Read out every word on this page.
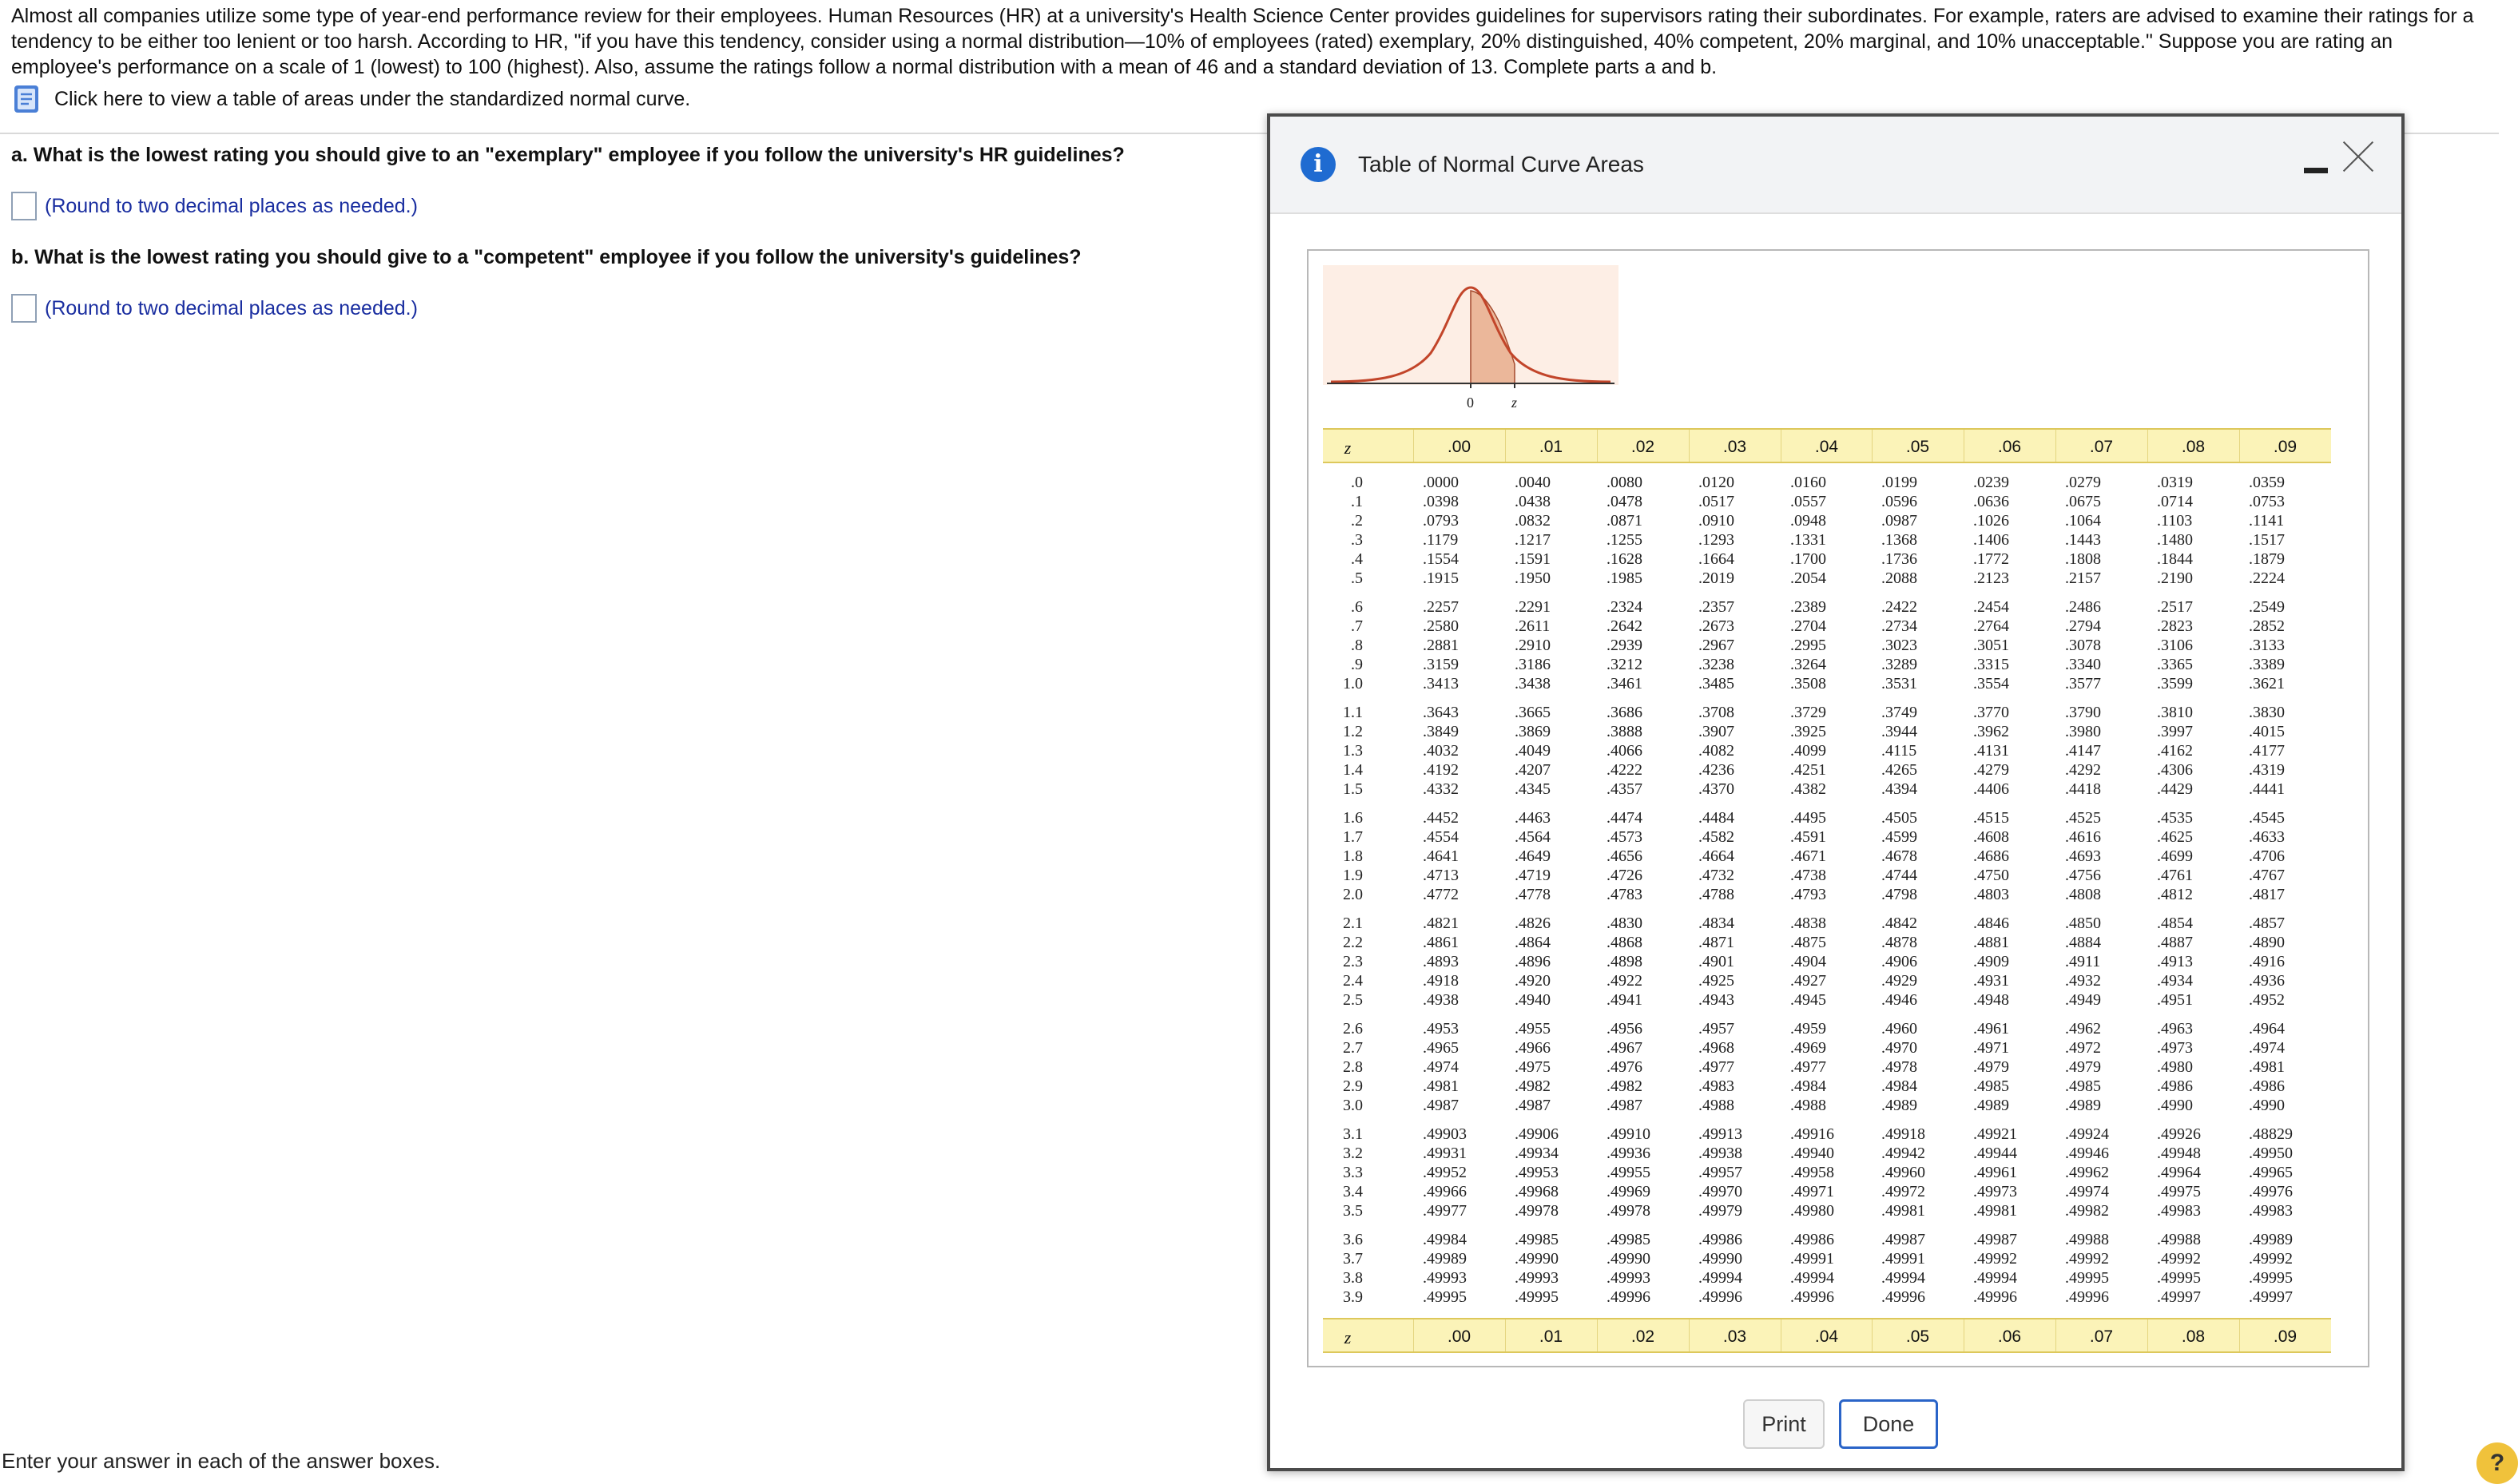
Almost all companies utilize some type of year-end performance review for their employees. Human Resources (HR) at a university's Health Science Center provides guidelines for supervisors rating their subordinates. For example, raters are advised to examine their ratings for a tendency to be either too lenient or too harsh. According to HR, "if you have this tendency, consider using a normal distribution—10% of employees (rated) exemplary, 20% distinguished, 40% competent, 20% marginal, and 10% unacceptable." Suppose you are rating an employee's performance on a scale of 1 (lowest) to 100 (highest). Also, assume the ratings follow a normal distribution with a mean of 46 and a standard deviation of 13. Complete parts a and b.

Click here to view a table of areas under the standardized normal curve.
a. What is the lowest rating you should give to an "exemplary" employee if you follow the university's HR guidelines?
(Round to two decimal places as needed.)
b. What is the lowest rating you should give to a "competent" employee if you follow the university's guidelines?
(Round to two decimal places as needed.)
Enter your answer in each of the answer boxes.	?
i	Table of Normal Curve Areas
0	z
z	.00	.01	.02	.03	.04	.05	.06	.07	.08	.09
.0	.0000	.0040	.0080	.0120	.0160	.0199	.0239	.0279	.0319	.0359
.1	.0398	.0438	.0478	.0517	.0557	.0596	.0636	.0675	.0714	.0753
.2	.0793	.0832	.0871	.0910	.0948	.0987	.1026	.1064	.1103	.1141
.3	.1179	.1217	.1255	.1293	.1331	.1368	.1406	.1443	.1480	.1517
.4	.1554	.1591	.1628	.1664	.1700	.1736	.1772	.1808	.1844	.1879
.5	.1915	.1950	.1985	.2019	.2054	.2088	.2123	.2157	.2190	.2224
.6	.2257	.2291	.2324	.2357	.2389	.2422	.2454	.2486	.2517	.2549
.7	.2580	.2611	.2642	.2673	.2704	.2734	.2764	.2794	.2823	.2852
.8	.2881	.2910	.2939	.2967	.2995	.3023	.3051	.3078	.3106	.3133
.9	.3159	.3186	.3212	.3238	.3264	.3289	.3315	.3340	.3365	.3389
1.0	.3413	.3438	.3461	.3485	.3508	.3531	.3554	.3577	.3599	.3621
1.1	.3643	.3665	.3686	.3708	.3729	.3749	.3770	.3790	.3810	.3830
1.2	.3849	.3869	.3888	.3907	.3925	.3944	.3962	.3980	.3997	.4015
1.3	.4032	.4049	.4066	.4082	.4099	.4115	.4131	.4147	.4162	.4177
1.4	.4192	.4207	.4222	.4236	.4251	.4265	.4279	.4292	.4306	.4319
1.5	.4332	.4345	.4357	.4370	.4382	.4394	.4406	.4418	.4429	.4441
1.6	.4452	.4463	.4474	.4484	.4495	.4505	.4515	.4525	.4535	.4545
1.7	.4554	.4564	.4573	.4582	.4591	.4599	.4608	.4616	.4625	.4633
1.8	.4641	.4649	.4656	.4664	.4671	.4678	.4686	.4693	.4699	.4706
1.9	.4713	.4719	.4726	.4732	.4738	.4744	.4750	.4756	.4761	.4767
2.0	.4772	.4778	.4783	.4788	.4793	.4798	.4803	.4808	.4812	.4817
2.1	.4821	.4826	.4830	.4834	.4838	.4842	.4846	.4850	.4854	.4857
2.2	.4861	.4864	.4868	.4871	.4875	.4878	.4881	.4884	.4887	.4890
2.3	.4893	.4896	.4898	.4901	.4904	.4906	.4909	.4911	.4913	.4916
2.4	.4918	.4920	.4922	.4925	.4927	.4929	.4931	.4932	.4934	.4936
2.5	.4938	.4940	.4941	.4943	.4945	.4946	.4948	.4949	.4951	.4952
2.6	.4953	.4955	.4956	.4957	.4959	.4960	.4961	.4962	.4963	.4964
2.7	.4965	.4966	.4967	.4968	.4969	.4970	.4971	.4972	.4973	.4974
2.8	.4974	.4975	.4976	.4977	.4977	.4978	.4979	.4979	.4980	.4981
2.9	.4981	.4982	.4982	.4983	.4984	.4984	.4985	.4985	.4986	.4986
3.0	.4987	.4987	.4987	.4988	.4988	.4989	.4989	.4989	.4990	.4990
3.1	.49903	.49906	.49910	.49913	.49916	.49918	.49921	.49924	.49926	.48829
3.2	.49931	.49934	.49936	.49938	.49940	.49942	.49944	.49946	.49948	.49950
3.3	.49952	.49953	.49955	.49957	.49958	.49960	.49961	.49962	.49964	.49965
3.4	.49966	.49968	.49969	.49970	.49971	.49972	.49973	.49974	.49975	.49976
3.5	.49977	.49978	.49978	.49979	.49980	.49981	.49981	.49982	.49983	.49983
3.6	.49984	.49985	.49985	.49986	.49986	.49987	.49987	.49988	.49988	.49989
3.7	.49989	.49990	.49990	.49990	.49991	.49991	.49992	.49992	.49992	.49992
3.8	.49993	.49993	.49993	.49994	.49994	.49994	.49994	.49995	.49995	.49995
3.9	.49995	.49995	.49996	.49996	.49996	.49996	.49996	.49996	.49997	.49997
z	.00	.01	.02	.03	.04	.05	.06	.07	.08	.09
Print	Done
